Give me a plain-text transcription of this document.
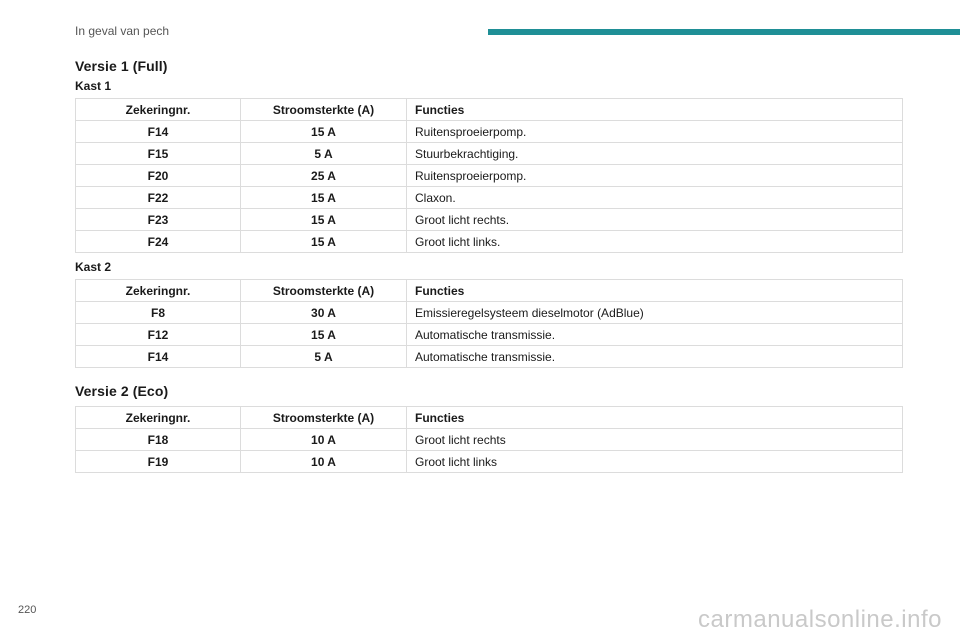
In geval van pech
Versie 1 (Full)
Kast 1
Zekeringnr.	Stroomsterkte (A)	Functies
F14	15 A	Ruitensproeierpomp.
F15	5 A	Stuurbekrachtiging.
F20	25 A	Ruitensproeierpomp.
F22	15 A	Claxon.
F23	15 A	Groot licht rechts.
F24	15 A	Groot licht links.
Kast 2
Zekeringnr.	Stroomsterkte (A)	Functies
F8	30 A	Emissieregelsysteem dieselmotor (AdBlue)
F12	15 A	Automatische transmissie.
F14	5 A	Automatische transmissie.
Versie 2 (Eco)
Zekeringnr.	Stroomsterkte (A)	Functies
F18	10 A	Groot licht rechts
F19	10 A	Groot licht links
220	carmanualsonline.info
